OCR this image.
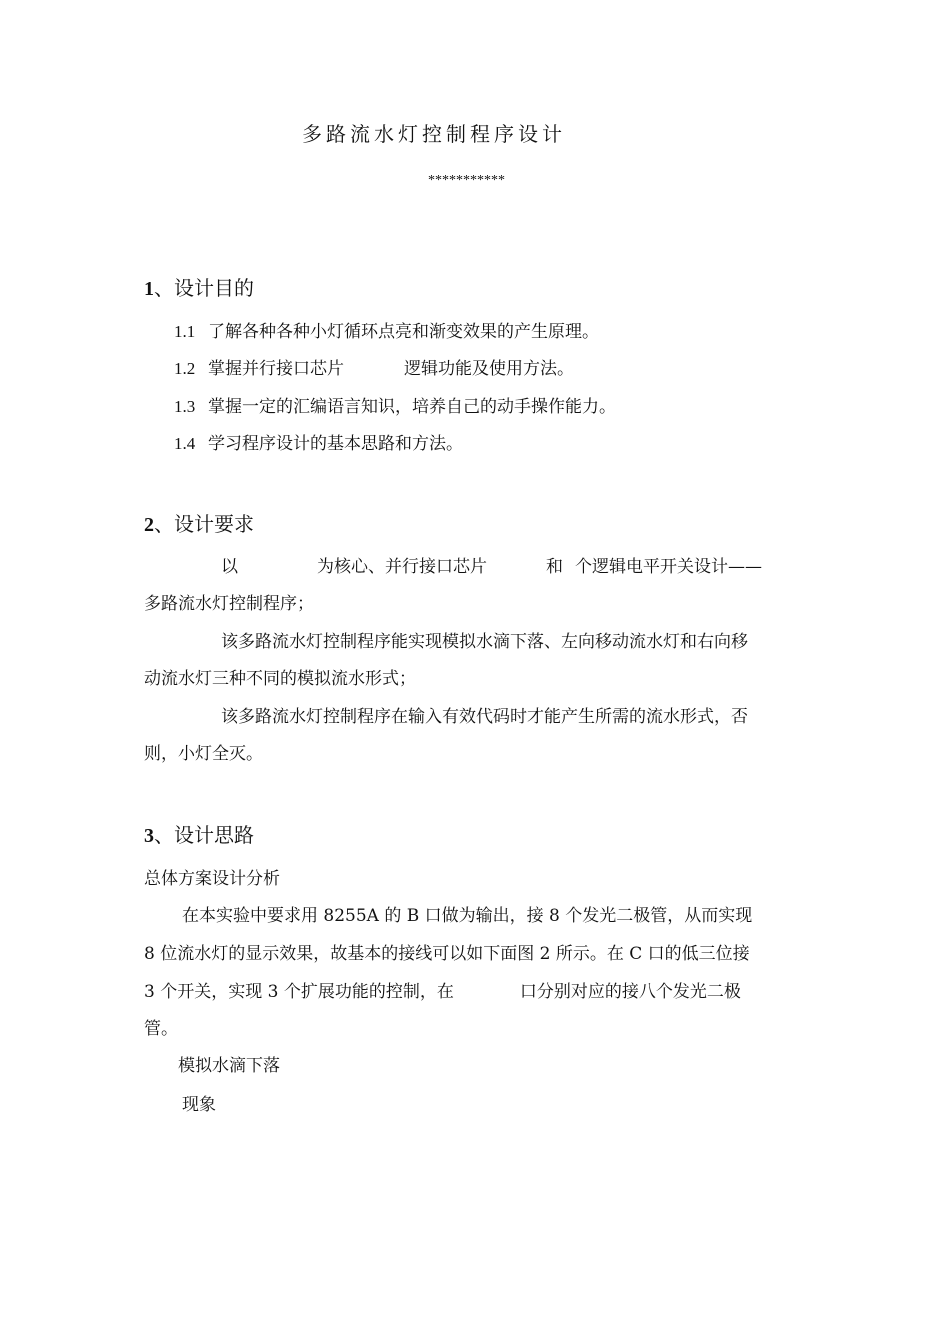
多路流水灯控制程序设计
***********
1、设计目的
1.1 了解各种各种小灯循环点亮和渐变效果的产生原理。
1.2 掌握并行接口芯片	逻辑功能及使用方法。
1.3 掌握一定的汇编语言知识，培养自己的动手操作能力。
1.4 学习程序设计的基本思路和方法。
2、设计要求
以	为核心、并行接口芯片	和 个逻辑电平开关设计——
多路流水灯控制程序；
该多路流水灯控制程序能实现模拟水滴下落、左向移动流水灯和右向移
动流水灯三种不同的模拟流水形式；
该多路流水灯控制程序在输入有效代码时才能产生所需的流水形式，否
则，小灯全灭。
3、设计思路
总体方案设计分析
在本实验中要求用 8255A 的 B 口做为输出，接 8 个发光二极管，从而实现
8 位流水灯的显示效果，故基本的接线可以如下面图 2 所示。在 C 口的低三位接
3 个开关，实现 3 个扩展功能的控制，在	口分别对应的接八个发光二极
管。
模拟水滴下落
现象
